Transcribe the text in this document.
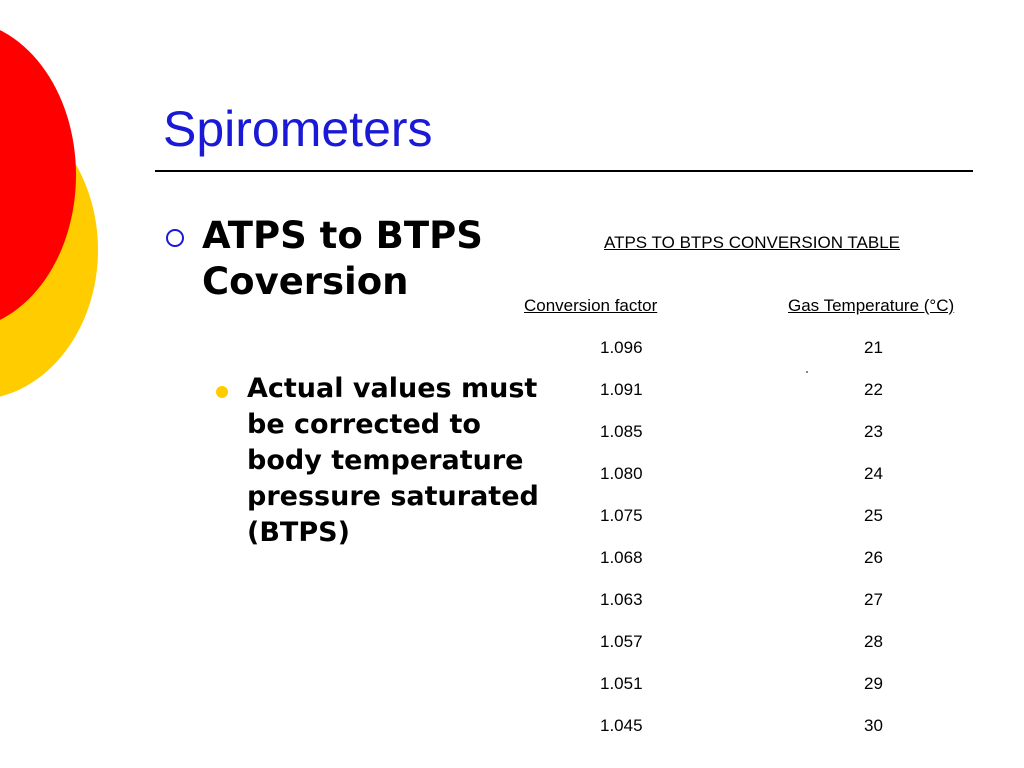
Spirometers
ATPS to BTPS Coversion
Actual values must be corrected to body temperature pressure saturated (BTPS)
ATPS TO BTPS CONVERSION TABLE
Conversion factor	Gas Temperature (°C)
1.096	21
1.091	22
1.085	23
1.080	24
1.075	25
1.068	26
1.063	27
1.057	28
1.051	29
1.045	30
